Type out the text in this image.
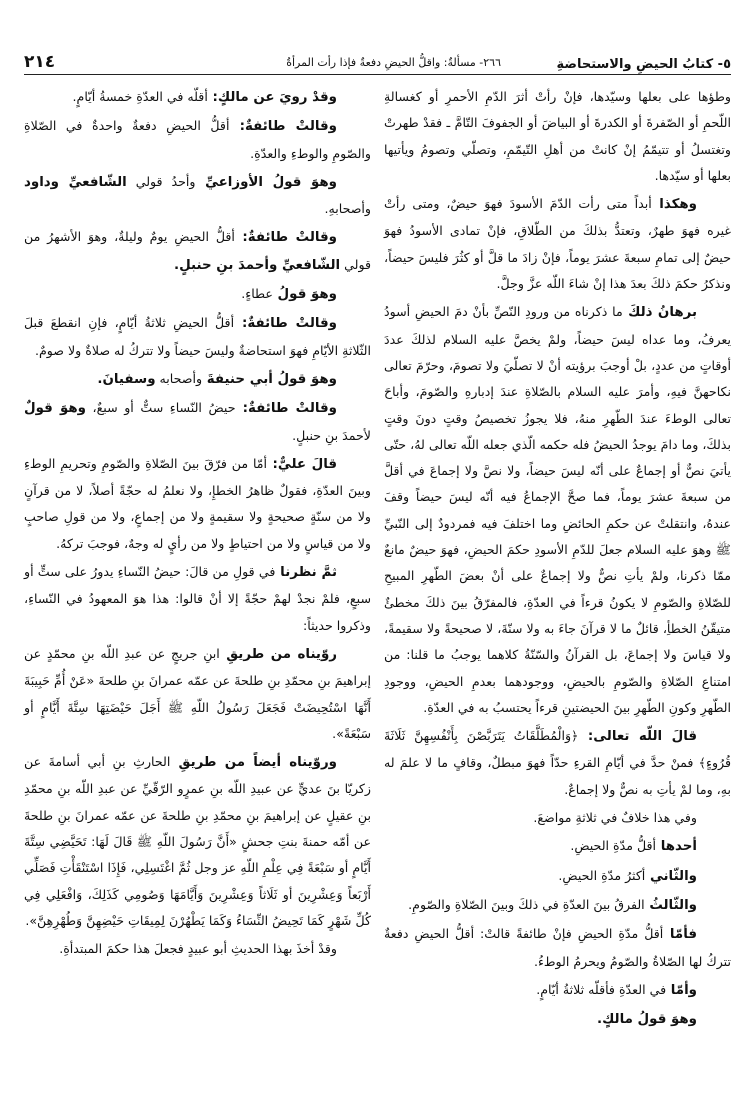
٥- كتابُ الحيضِ والاستحاضةِ
٢٦٦- مسألةٌ: واقلُّ الحيضِ دفعةٌ فإذا رأت المرأةُ
٢١٤

وطؤها على بعلها وسيّدها، فإنْ رأتْ أثرَ الدّمِ الأحمرِ أو كغسالةِ اللّحمِ أو الصّفرةَ أو الكدرةَ أو البياضَ أو الجفوفَ التّامَّ ـ فقدْ طهرتْ وتغتسلُ أو تتيمّمُ إنْ كانتْ من أهلِ التّيمّمِ، وتصلّي وتصومُ ويأتيها بعلها أو سيّدها.

وهكذا أبداً متى رأت الدّمَ الأسودَ فهوَ حيضٌ، ومتى رأتْ غيره فهوَ طهرٌ، وتعتدُّ بذلكَ من الطّلاقِ، فإنْ تمادى الأسودُ فهوَ حيضٌ إلى تمامِ سبعةَ عشرَ يوماً، فإنْ زادَ ما قلَّ أو كثُرَ فليسَ حيضاً، ونذكرُ حكمَ ذلكَ بعدَ هذا إنْ شاءَ اللّه عزَّ وجلَّ.

برهانُ ذلكَ ما ذكرناه من ورودِ النّصِّ بأنْ دمَ الحيضِ أسودُ يعرفُ، وما عداه ليسَ حيضاً، ولمْ يخصَّ عليه السلام لذلكَ عددَ أوقاتٍ من عددٍ، بلْ أوجبَ برؤيته أنْ لا تصلّيَ ولا تصومَ، وحرّمَ تعالى نكاحهنَّ فيهِ، وأمرَ عليه السلام بالصّلاةِ عندَ إدبارهِ والصّومَ، وأباحَ تعالى الوطءَ عندَ الطّهرِ منهُ، فلا يجوزُ تخصيصُ وقتٍ دونَ وقتٍ بذلكَ، وما دامَ يوجدُ الحيضُ فله حكمه الّذي جعله اللّه تعالى لهُ، حتّى يأتيَ نصٌّ أو إجماعٌ على أنّه ليسَ حيضاً، ولا نصَّ ولا إجماعَ في أقلَّ من سبعةَ عشرَ يوماً، فما صحَّ الإجماعُ فيه أنّه ليسَ حيضاً وقفَ عندهُ، وانتقلتْ عن حكمِ الحائضِ وما اختلفَ فيه فمردودٌ إلى النّبيِّ ﷺ وهوَ عليه السلام جعلَ للدّمِ الأسودِ حكمَ الحيضِ، فهوَ حيضٌ مانعٌ ممّا ذكرنا، ولمْ يأتِ نصٌّ ولا إجماعٌ على أنْ بعضَ الطّهرِ المبيحِ للصّلاةِ والصّومِ لا يكونُ قرءاً في العدّةِ، فالمفرّقُ بينَ ذلكَ مخطئٌ متيقّنُ الخطأِ، قائلٌ ما لا قرآنَ جاءَ به ولا سنّةَ، لا صحيحةً ولا سقيمةً، ولا قياسَ ولا إجماعَ، بل القرآنُ والسّنّةُ كلاهما يوجبُ ما قلنا: من امتناعِ الصّلاةِ والصّومِ بالحيضِ، ووجودهما بعدمِ الحيضِ، ووجودِ الطّهرِ وكونِ الطّهرِ بينَ الحيضتينِ قرءاً يحتسبُ به في العدّةِ.

قالَ اللّه تعالى: ﴿وَالْمُطَلَّقَاتُ يَتَرَبَّصْنَ بِأَنْفُسِهِنَّ ثَلَاثَةَ قُرُوءٍ﴾ فمنْ حدَّ في أيّامِ القرءِ حدّاً فهوَ مبطلٌ، وقافٍ ما لا علمَ له بهِ، وما لمْ يأتِ به نصٌّ ولا إجماعٌ.

وفي هذا خلافٌ في ثلاثةِ مواضعَ.

أحدها أقلُّ مدّةِ الحيضِ.

والثّاني أكثرُ مدّةِ الحيضِ.

والثّالثُ الفرقُ بينَ العدّةِ في ذلكَ وبينَ الصّلاةِ والصّومِ.

فأمّا أقلُّ مدّةِ الحيضِ فإنْ طائفةً قالتْ: أقلُّ الحيضِ دفعةٌ تتركُ لها الصّلاةُ والصّومُ ويحرمُ الوطءُ.

وأمّا في العدّةِ فأقلّه ثلاثةُ أيّامٍ.

وهوَ قولُ مالكٍ.

وقدْ رويَ عن مالكٍ: أقلّه في العدّةِ خمسةُ أيّامٍ.

وقالتْ طائفةٌ: أقلُّ الحيضِ دفعةٌ واحدةٌ في الصّلاةِ والصّومِ والوطءِ والعدّةِ.

وهوَ قولُ الأوزاعيِّ وأحدُ قولي الشّافعيِّ وداود وأصحابهِ.

وقالتْ طائفةٌ: أقلُّ الحيضِ يومٌ وليلةٌ، وهوَ الأشهرُ من قولي الشّافعيِّ وأحمدَ بنِ حنبلٍ.

وهوَ قولُ عطاءٍ.

وقالتْ طائفةٌ: أقلُّ الحيضِ ثلاثةُ أيّامٍ، فإنِ انقطعَ قبلَ الثّلاثةِ الأيّامِ فهوَ استحاضةٌ وليسَ حيضاً ولا تتركُ له صلاةٌ ولا صومٌ.

وهوَ قولُ أبي حنيفةَ وأصحابه وسفيانَ.

وقالتْ طائفةٌ: حيضُ النّساءِ ستٌّ أو سبعٌ، وهوَ قولٌ لأحمدَ بنِ حنبلٍ.

قالَ عليٌّ: أمّا من فرّقَ بينَ الصّلاةِ والصّومِ وتحريمِ الوطءِ وبينَ العدّةِ، فقولٌ ظاهرُ الخطإِ، ولا نعلمُ له حجّةً أصلاً، لا من قرآنٍ ولا من سنّةٍ صحيحةٍ ولا سقيمةٍ ولا من إجماعٍ، ولا من قولِ صاحبٍ ولا من قياسٍ ولا من احتياطٍ ولا من رأيٍ له وجهٌ، فوجبَ تركهُ.

ثمَّ نظرنا في قولِ من قالَ: حيضُ النّساءِ يدورُ على ستٍّ أو سبعٍ، فلمْ نجدْ لهمْ حجّةً إلا أنْ قالوا: هذا هوَ المعهودُ في النّساءِ، وذكروا حديثاً:

روّيناه من طريقِ ابنِ جريجٍ عن عبدِ اللّه بنِ محمّدٍ عن إبراهيمَ بنِ محمّدِ بنِ طلحةَ عن عمّه عمرانَ بنِ طلحةَ «عَنْ أُمِّ حَبِيبَةَ أَنَّهَا اسْتُحِيضَتْ فَجَعَلَ رَسُولُ اللّهِ ﷺ أَجَلَ حَيْضَتِهَا سِتَّةَ أَيَّامٍ أو سَبْعَةً».

وروّيناه أيضاً من طريقِ الحارثِ بنِ أبي أسامةَ عن زكريّا بنَ عديٍّ عن عبيدِ اللّه بنِ عمرٍو الرّقّيِّ عن عبدِ اللّه بنِ محمّدِ بنِ عقيلٍ عن إبراهيمَ بنِ محمّدِ بنِ طلحةَ عن عمّه عمرانَ بنِ طلحةَ عن أمّه حمنةَ بنتِ جحشٍ «أَنَّ رَسُولَ اللّهِ ﷺ قَالَ لَهَا: تَحَيَّضِي سِتَّةَ أَيَّامٍ أو سَبْعَةً فِي عِلْمِ اللّهِ عز وجل ثُمَّ اغْتَسِلِي، فَإِذَا اسْتَنْقَأْتِ فَصَلِّي أَرْبَعاً وَعِشْرِينَ أو ثَلَاثاً وَعِشْرِينَ وَأَيَّامَهَا وَصُومِي كَذَلِكَ، وَافْعَلِي فِي كُلِّ شَهْرٍ كَمَا تَحِيضُ النِّسَاءُ وَكَمَا يَطْهُرْنَ لِمِيقَاتِ حَيْضِهِنَّ وَطُهْرِهِنَّ».

وقدْ أخذَ بهذا الحديثِ أبو عبيدٍ فجعلَ هذا حكمَ المبتدأةِ.
